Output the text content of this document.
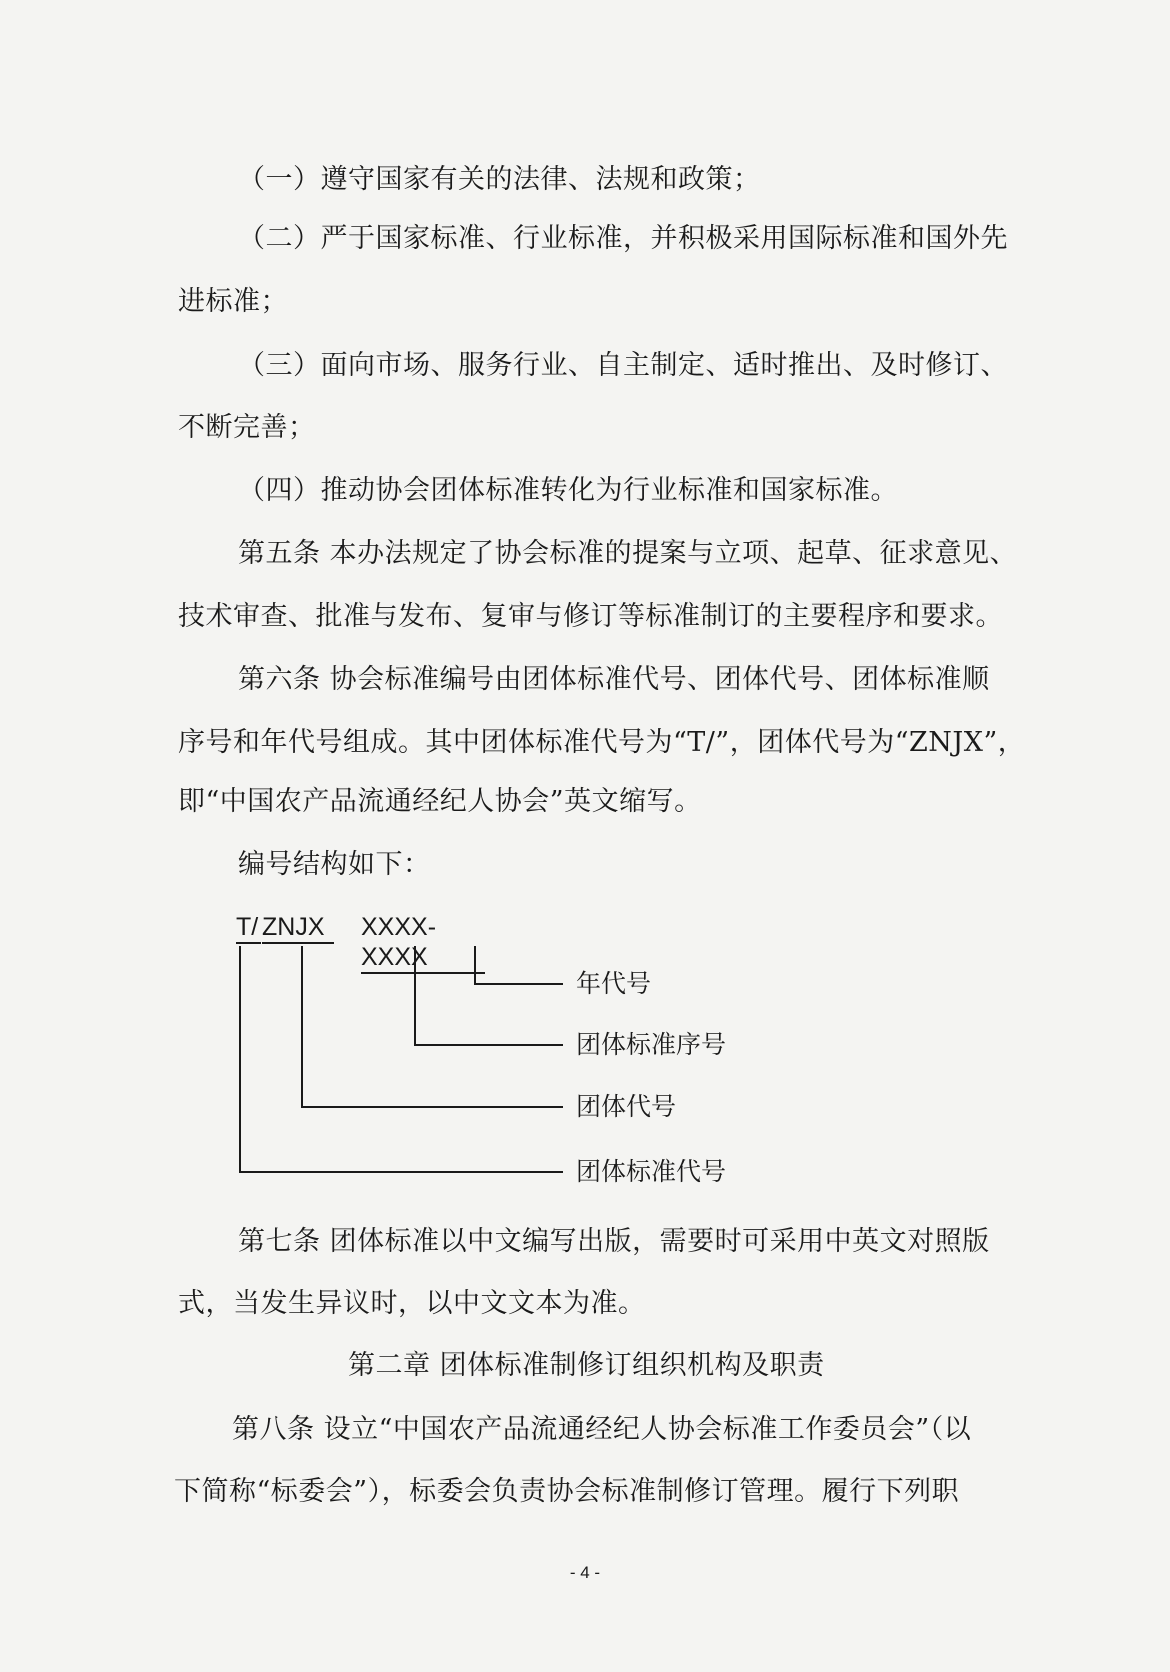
（一）遵守国家有关的法律、法规和政策；
（二）严于国家标准、行业标准，并积极采用国际标准和国外先
进标准；
（三）面向市场、服务行业、自主制定、适时推出、及时修订、
不断完善；
（四）推动协会团体标准转化为行业标准和国家标准。
第五条 本办法规定了协会标准的提案与立项、起草、征求意见、
技术审查、批准与发布、复审与修订等标准制订的主要程序和要求。
第六条 协会标准编号由团体标准代号、团体代号、团体标准顺
序号和年代号组成。其中团体标准代号为“T/”，团体代号为“ZNJX”，
即“中国农产品流通经纪人协会”英文缩写。
编号结构如下：
T/ ZNJX	XXXX-XXXX
年代号
团体标准序号
团体代号
团体标准代号
第七条 团体标准以中文编写出版，需要时可采用中英文对照版
式，当发生异议时，以中文文本为准。
第二章 团体标准制修订组织机构及职责
第八条 设立“中国农产品流通经纪人协会标准工作委员会”（以
下简称“标委会”），标委会负责协会标准制修订管理。履行下列职
- 4 -
